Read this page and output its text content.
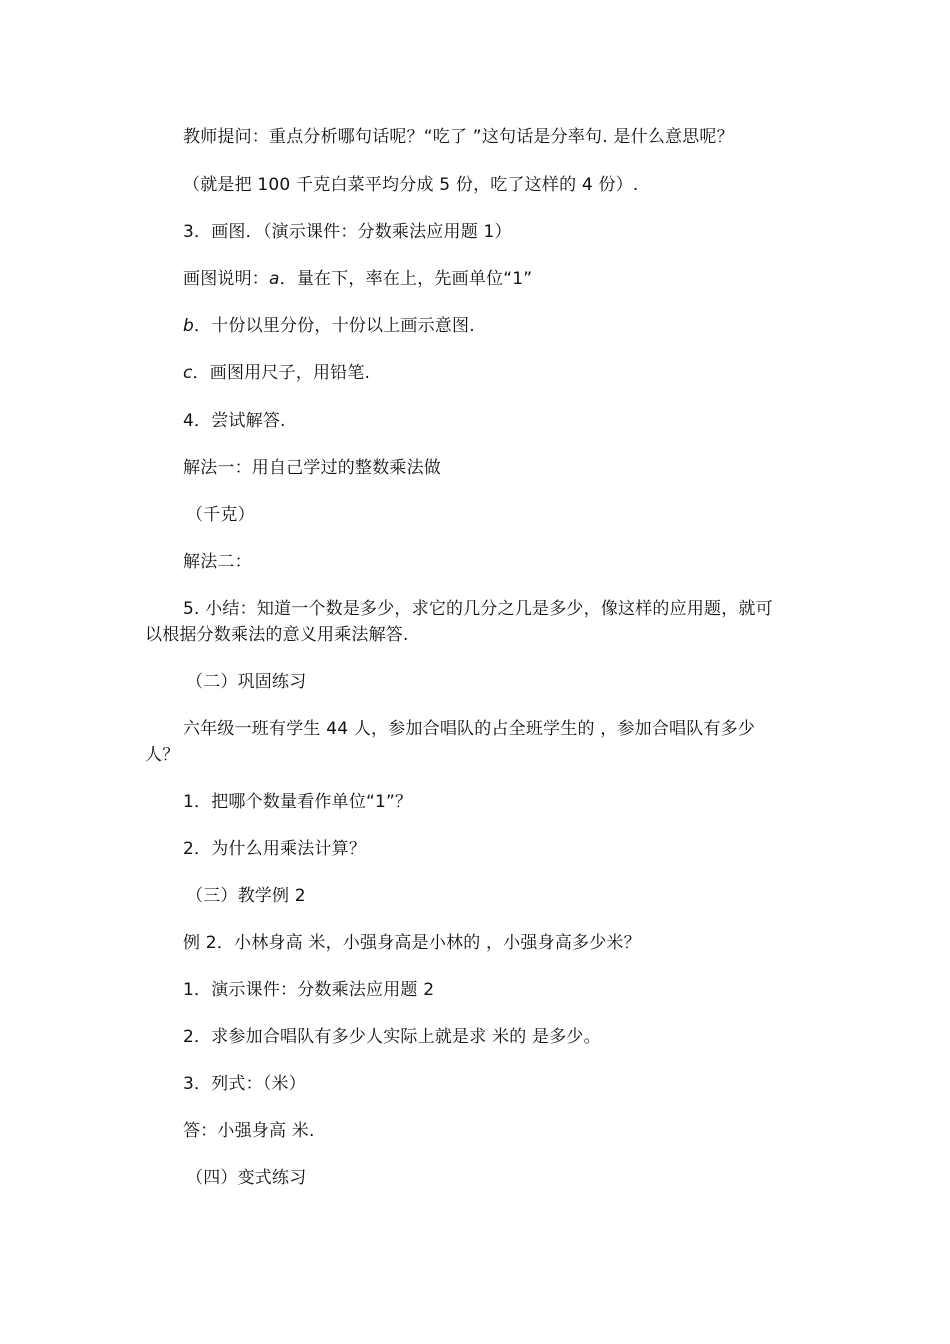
教师提问：重点分析哪句话呢？“吃了 ”这句话是分率句. 是什么意思呢？
（就是把 100 千克白菜平均分成 5 份，吃了这样的 4 份）.
3．画图．（演示课件：分数乘法应用题 1）
画图说明：a．量在下，率在上，先画单位“1”
b．十份以里分份，十份以上画示意图.
c．画图用尺子，用铅笔.
4．尝试解答.
解法一：用自己学过的整数乘法做
（千克）
解法二：
5. 小结：知道一个数是多少，求它的几分之几是多少，像这样的应用题，就可
以根据分数乘法的意义用乘法解答.
（二）巩固练习
六年级一班有学生 44 人，参加合唱队的占全班学生的 ，参加合唱队有多少
人？
1．把哪个数量看作单位“1”？
2．为什么用乘法计算？
（三）教学例 2
例 2．小林身高 米，小强身高是小林的 ，小强身高多少米？
1．演示课件：分数乘法应用题 2
2．求参加合唱队有多少人实际上就是求 米的 是多少。
3．列式：（米）
答：小强身高 米.
（四）变式练习
